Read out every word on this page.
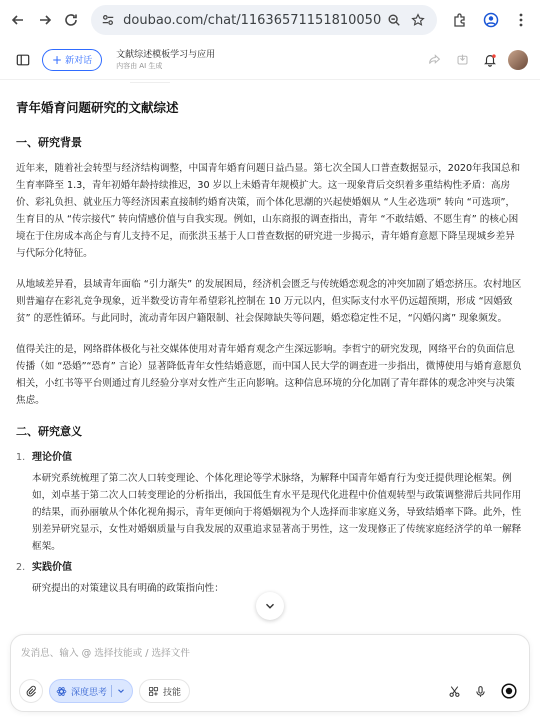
doubao.com/chat/11636571151810050
+ 新对话
文献综述模板学习与应用
内容由 AI 生成
青年婚育问题研究的文献综述
一、研究背景

近年来，随着社会转型与经济结构调整，中国青年婚育问题日益凸显。第七次全国人口普查数据显示，2020年我国总和生育率降至 1.3，青年初婚年龄持续推迟，30 岁以上未婚青年规模扩大。这一现象背后交织着多重结构性矛盾：高房价、彩礼负担、就业压力等经济因素直接制约婚育决策，而个体化思潮的兴起使婚姻从 “人生必选项” 转向 “可选项”，生育目的从 “传宗接代” 转向情感价值与自我实现。例如，山东商报的调查指出，青年 “不敢结婚、不愿生育” 的核心困境在于住房成本高企与育儿支持不足，而张洪玉基于人口普查数据的研究进一步揭示，青年婚育意愿下降呈现城乡差异与代际分化特征。

从地域差异看，县域青年面临 “引力渐失” 的发展困局，经济机会匮乏与传统婚恋观念的冲突加剧了婚恋挤压。农村地区则普遍存在彩礼竞争现象，近半数受访青年希望彩礼控制在 10 万元以内，但实际支付水平仍远超预期，形成 “因婚致贫” 的恶性循环。与此同时，流动青年因户籍限制、社会保障缺失等问题，婚恋稳定性不足，“闪婚闪离” 现象频发。

值得关注的是，网络群体极化与社交媒体使用对青年婚育观念产生深远影响。李哲宁的研究发现，网络平台的负面信息传播（如 “恐婚”“恐育” 言论）显著降低青年女性结婚意愿，而中国人民大学的调查进一步指出，微博使用与婚育意愿负相关，小红书等平台则通过育儿经验分享对女性产生正向影响。这种信息环境的分化加剧了青年群体的观念冲突与决策焦虑。

二、研究意义
1. 理论价值
本研究系统梳理了第二次人口转变理论、个体化理论等学术脉络，为解释中国青年婚育行为变迁提供理论框架。例如，刘卓基于第二次人口转变理论的分析指出，我国低生育水平是现代化进程中价值观转型与政策调整滞后共同作用的结果，而孙丽敏从个体化视角揭示，青年更倾向于将婚姻视为个人选择而非家庭义务，导致结婚率下降。此外，性别差异研究显示，女性对婚姻质量与自我发展的双重追求显著高于男性，这一发现修正了传统家庭经济学的单一解释框架。
2. 实践价值
研究提出的对策建议具有明确的政策指向性：
发消息、输入 @ 选择技能或 / 选择文件
深度思考	技能
